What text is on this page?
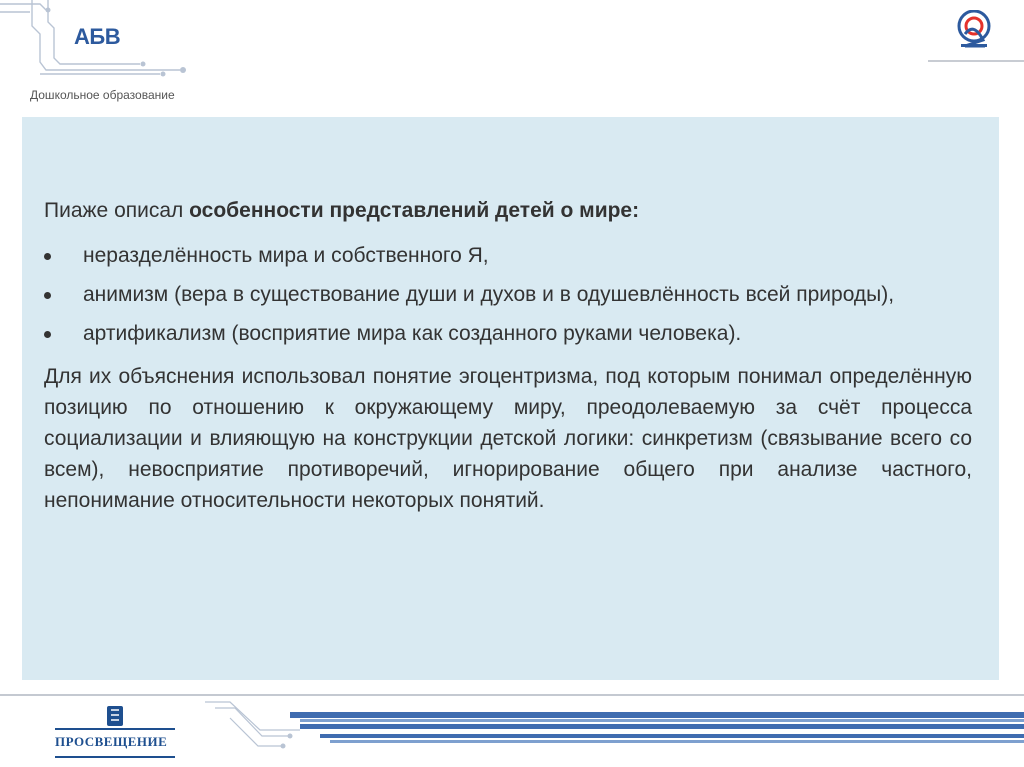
АБВ
Дошкольное образование

Пиаже описал особенности представлений детей о мире:

нераздeлённость мира и собственного Я,
анимизм (вера в существование души и духов и в одушевлённость всей природы),
артификализм (восприятие мира как созданного руками человека).

Для их объяснения использовал понятие эгоцентризма, под которым понимал определённую позицию по отношению к окружающему миру, преодолеваемую за счёт процесса социализации и влияющую на конструкции детской логики: синкретизм (связывание всего со всем), невосприятие противоречий, игнорирование общего при анализе частного, непонимание относительности некоторых понятий.

ПРОСВЕЩЕНИЕ
